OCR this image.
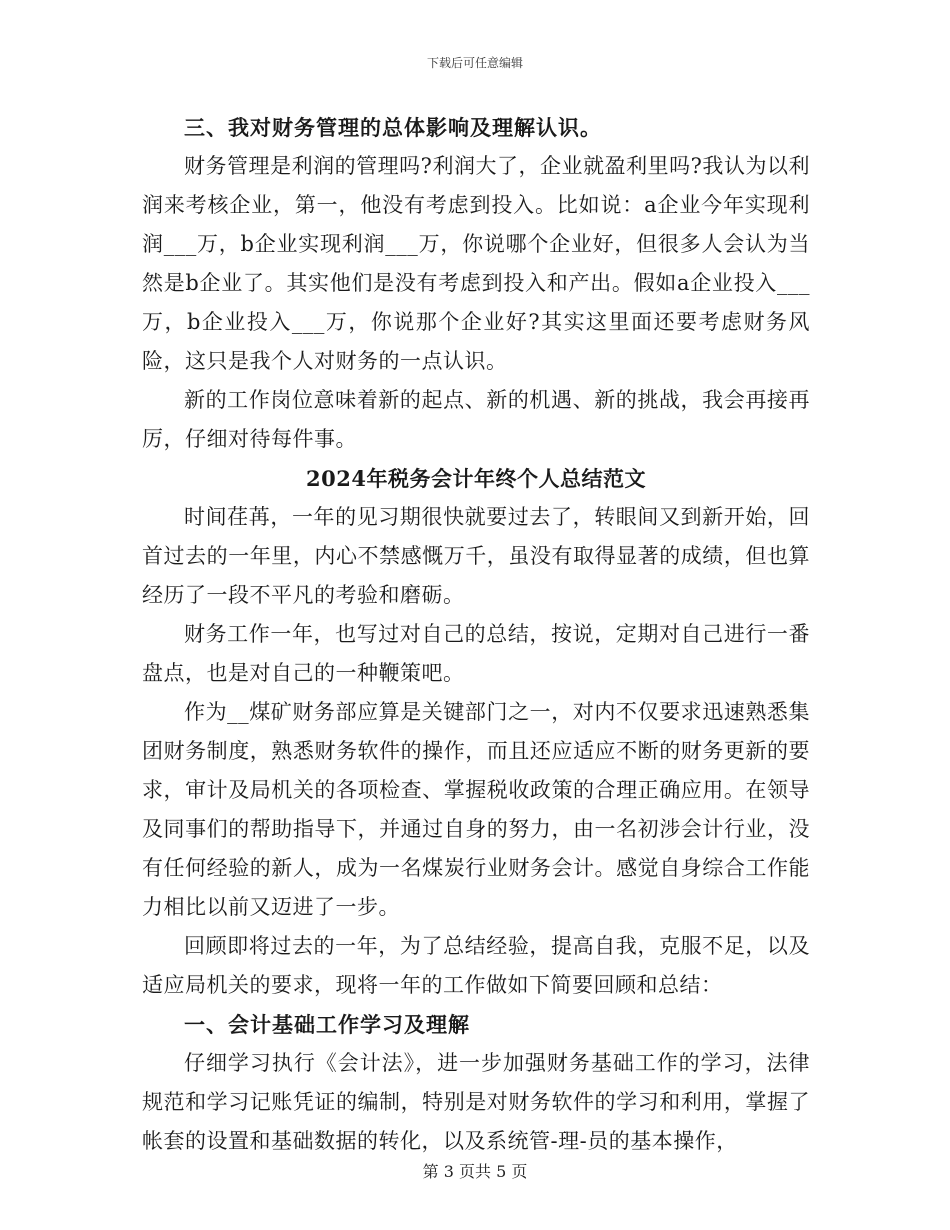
下载后可任意编辑

三、我对财务管理的总体影响及理解认识。

财务管理是利润的管理吗?利润大了，企业就盈利里吗?我认为以利润来考核企业，第一，他没有考虑到投入。比如说：a企业今年实现利润___万，b企业实现利润___万，你说哪个企业好，但很多人会认为当然是b企业了。其实他们是没有考虑到投入和产出。假如a企业投入___万，b企业投入___万，你说那个企业好?其实这里面还要考虑财务风险，这只是我个人对财务的一点认识。

新的工作岗位意味着新的起点、新的机遇、新的挑战，我会再接再厉，仔细对待每件事。

2024年税务会计年终个人总结范文

时间荏苒，一年的见习期很快就要过去了，转眼间又到新开始，回首过去的一年里，内心不禁感慨万千，虽没有取得显著的成绩，但也算经历了一段不平凡的考验和磨砺。

财务工作一年，也写过对自己的总结，按说，定期对自己进行一番盘点，也是对自己的一种鞭策吧。

作为__煤矿财务部应算是关键部门之一，对内不仅要求迅速熟悉集团财务制度，熟悉财务软件的操作，而且还应适应不断的财务更新的要求，审计及局机关的各项检查、掌握税收政策的合理正确应用。在领导及同事们的帮助指导下，并通过自身的努力，由一名初涉会计行业，没有任何经验的新人，成为一名煤炭行业财务会计。感觉自身综合工作能力相比以前又迈进了一步。

回顾即将过去的一年，为了总结经验，提高自我，克服不足，以及适应局机关的要求，现将一年的工作做如下简要回顾和总结：

一、会计基础工作学习及理解

仔细学习执行《会计法》，进一步加强财务基础工作的学习，法律规范和学习记账凭证的编制，特别是对财务软件的学习和利用，掌握了帐套的设置和基础数据的转化，以及系统管-理-员的基本操作，

第 3 页共 5 页
